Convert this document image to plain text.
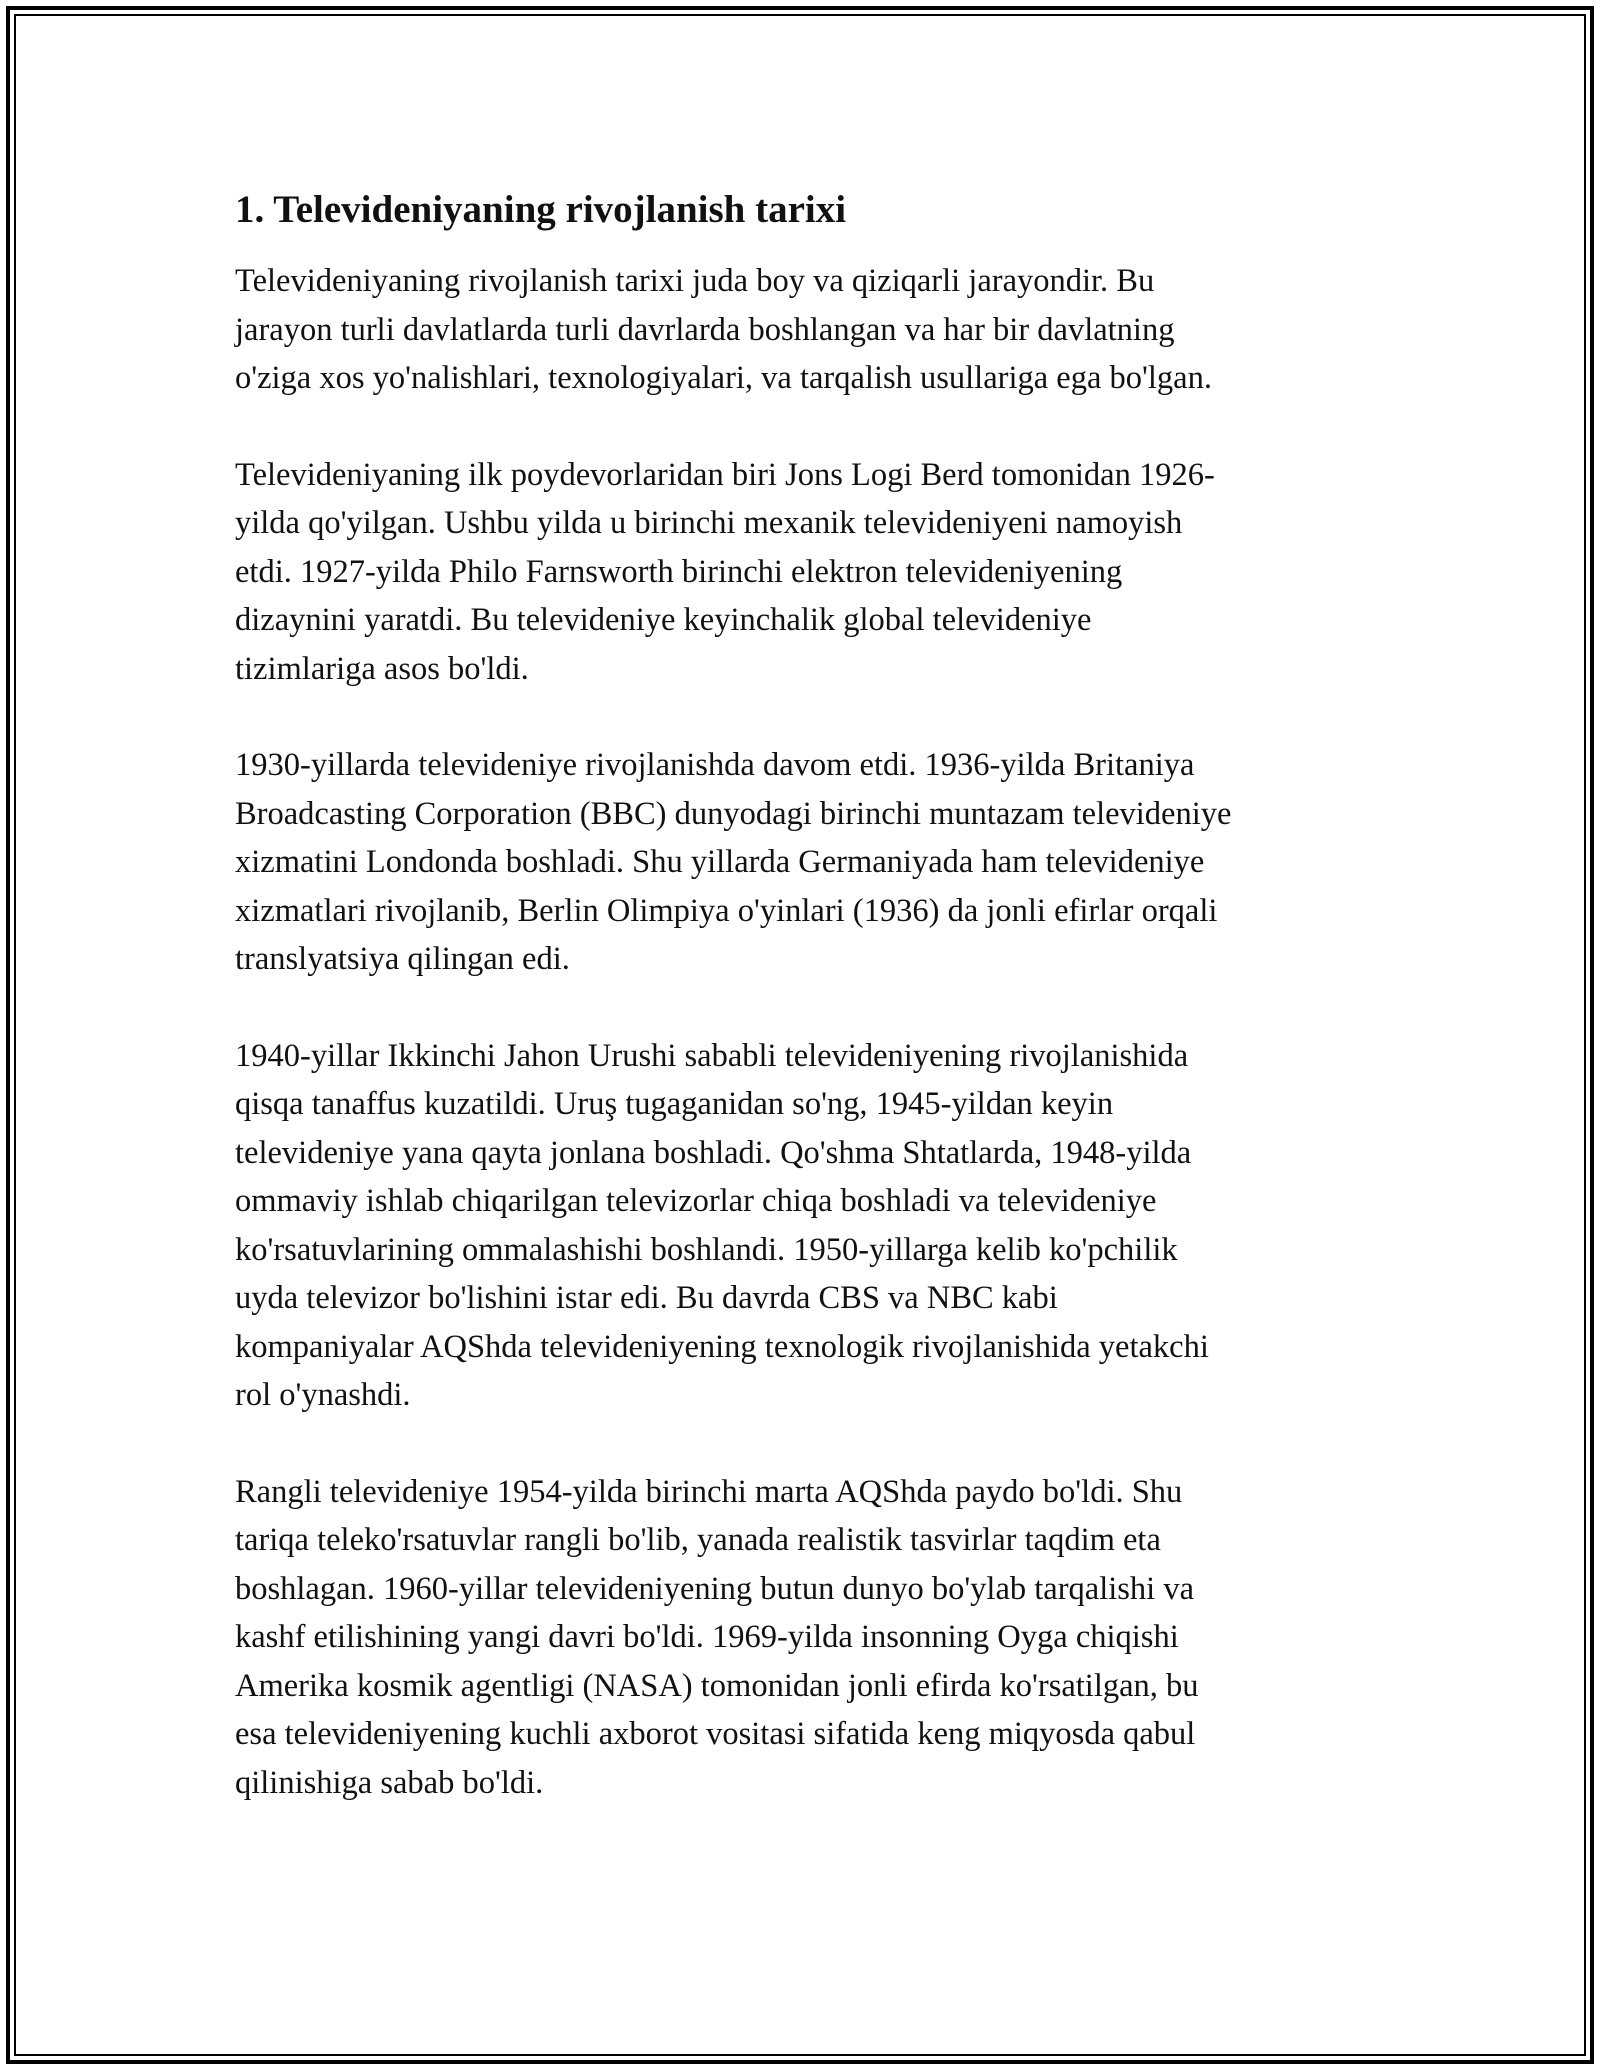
1. Televideniyaning rivojlanish tarixi

Televideniyaning rivojlanish tarixi juda boy va qiziqarli jarayondir. Bu
jarayon turli davlatlarda turli davrlarda boshlangan va har bir davlatning
o'ziga xos yo'nalishlari, texnologiyalari, va tarqalish usullariga ega bo'lgan.

Televideniyaning ilk poydevorlaridan biri Jons Logi Berd tomonidan 1926-
yilda qo'yilgan. Ushbu yilda u birinchi mexanik televideniyeni namoyish
etdi. 1927-yilda Philo Farnsworth birinchi elektron televideniyening
dizaynini yaratdi. Bu televideniye keyinchalik global televideniye
tizimlariga asos bo'ldi.

1930-yillarda televideniye rivojlanishda davom etdi. 1936-yilda Britaniya
Broadcasting Corporation (BBC) dunyodagi birinchi muntazam televideniye
xizmatini Londonda boshladi. Shu yillarda Germaniyada ham televideniye
xizmatlari rivojlanib, Berlin Olimpiya o'yinlari (1936) da jonli efirlar orqali
translyatsiya qilingan edi.

1940-yillar Ikkinchi Jahon Urushi sababli televideniyening rivojlanishida
qisqa tanaffus kuzatildi. Uruş tugaganidan so'ng, 1945-yildan keyin
televideniye yana qayta jonlana boshladi. Qo'shma Shtatlarda, 1948-yilda
ommaviy ishlab chiqarilgan televizorlar chiqa boshladi va televideniye
ko'rsatuvlarining ommalashishi boshlandi. 1950-yillarga kelib ko'pchilik
uyda televizor bo'lishini istar edi. Bu davrda CBS va NBC kabi
kompaniyalar AQShda televideniyening texnologik rivojlanishida yetakchi
rol o'ynashdi.

Rangli televideniye 1954-yilda birinchi marta AQShda paydo bo'ldi. Shu
tariqa teleko'rsatuvlar rangli bo'lib, yanada realistik tasvirlar taqdim eta
boshlagan. 1960-yillar televideniyening butun dunyo bo'ylab tarqalishi va
kashf etilishining yangi davri bo'ldi. 1969-yilda insonning Oyga chiqishi
Amerika kosmik agentligi (NASA) tomonidan jonli efirda ko'rsatilgan, bu
esa televideniyening kuchli axborot vositasi sifatida keng miqyosda qabul
qilinishiga sabab bo'ldi.
